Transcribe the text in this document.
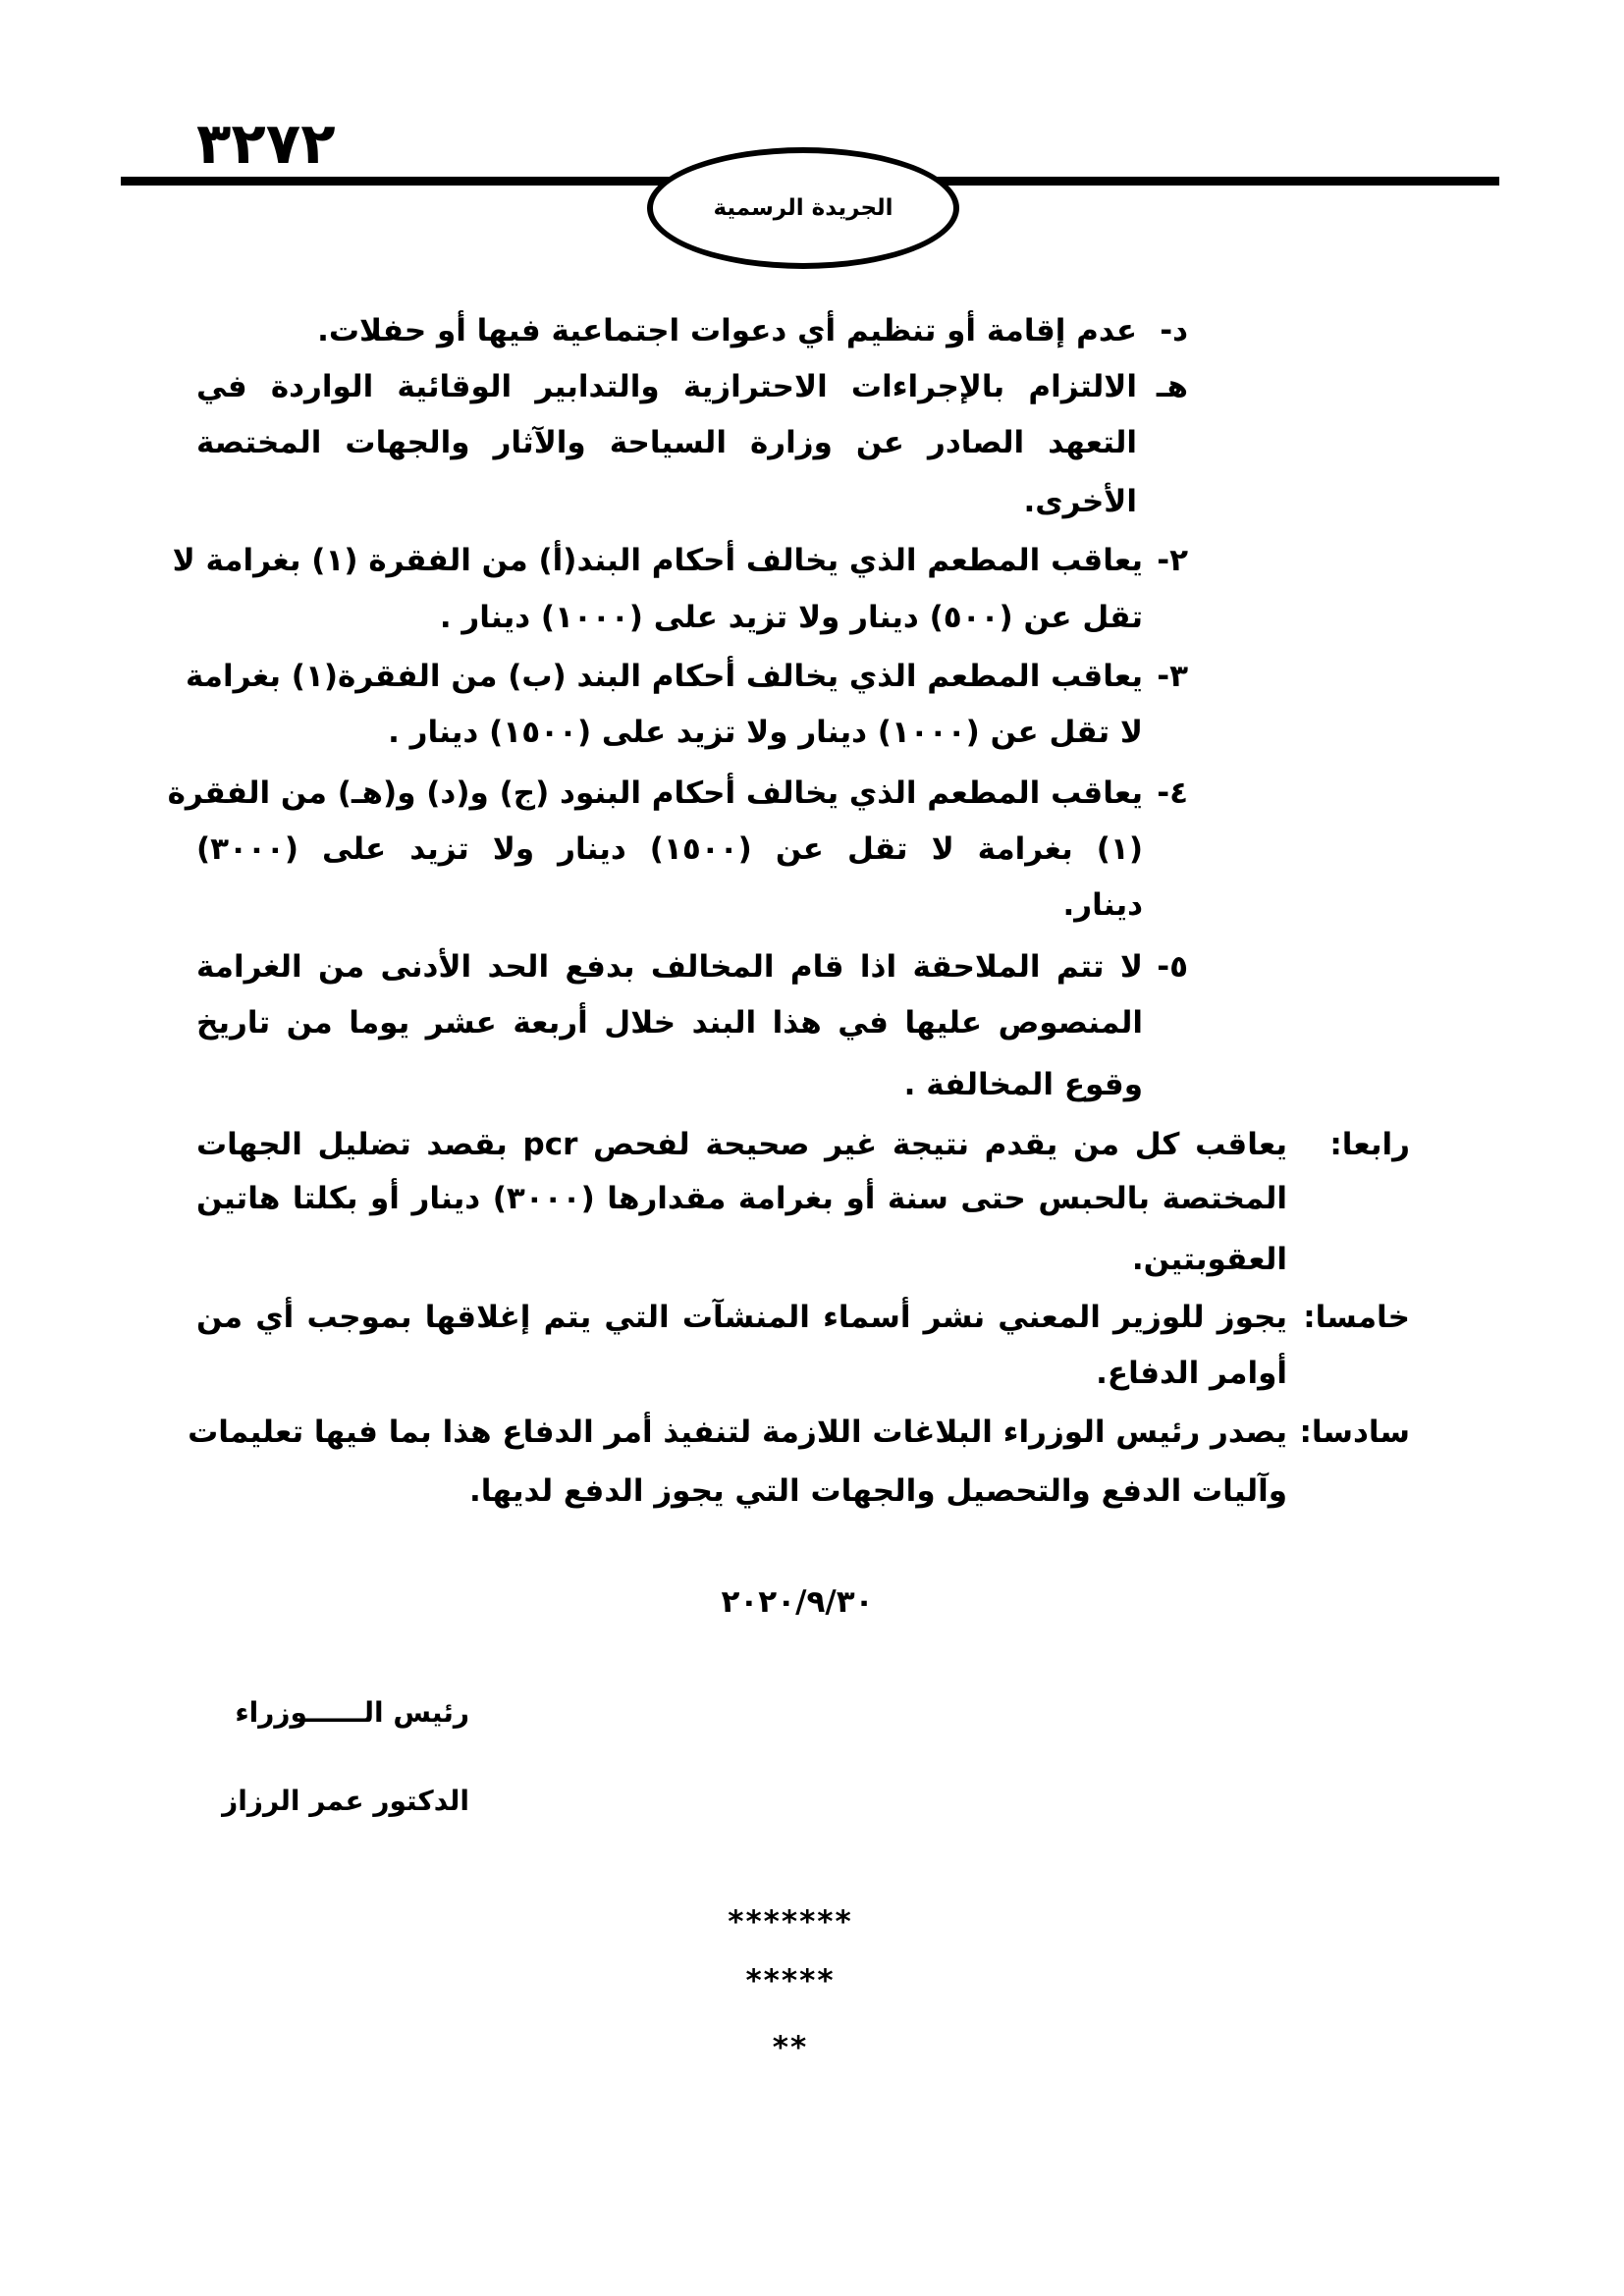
٣٢٧٢
الجريدة الرسمية
د-
عدم إقامة أو تنظيم أي دعوات اجتماعية فيها أو حفلات.
هـ
الالتزام بالإجراءات الاحترازية والتدابير الوقائية الواردة في
التعهد الصادر عن وزارة السياحة والآثار والجهات المختصة
الأخرى.
٢-
يعاقب المطعم الذي يخالف أحكام البند(أ) من الفقرة (١) بغرامة لا
تقل عن (٥٠٠) دينار ولا تزيد على (١٠٠٠) دينار .
٣-
يعاقب المطعم الذي يخالف أحكام البند (ب) من الفقرة(١) بغرامة
لا تقل عن (١٠٠٠) دينار ولا تزيد على (١٥٠٠) دينار .
٤-
يعاقب المطعم الذي يخالف أحكام البنود (ج) و(د) و(هـ) من الفقرة
(١) بغرامة لا تقل عن (١٥٠٠) دينار ولا تزيد على (٣٠٠٠)
دينار.
٥-
لا تتم الملاحقة اذا قام المخالف بدفع الحد الأدنى من الغرامة
المنصوص عليها في هذا البند خلال أربعة عشر يوما من تاريخ
وقوع المخالفة .
رابعا:
يعاقب كل من يقدم نتيجة غير صحيحة لفحص pcr بقصد تضليل الجهات
المختصة بالحبس حتى سنة أو بغرامة مقدارها (٣٠٠٠) دينار أو بكلتا هاتين
العقوبتين.
خامسا:
يجوز للوزير المعني نشر أسماء المنشآت التي يتم إغلاقها بموجب أي من
أوامر الدفاع.
سادسا:
يصدر رئيس الوزراء البلاغات اللازمة لتنفيذ أمر الدفاع هذا بما فيها تعليمات
وآليات الدفع والتحصيل والجهات التي يجوز الدفع لديها.
٢٠٢٠/٩/٣٠
رئيس الــــــوزراء
الدكتور عمر الرزاز
*******
*****
**
